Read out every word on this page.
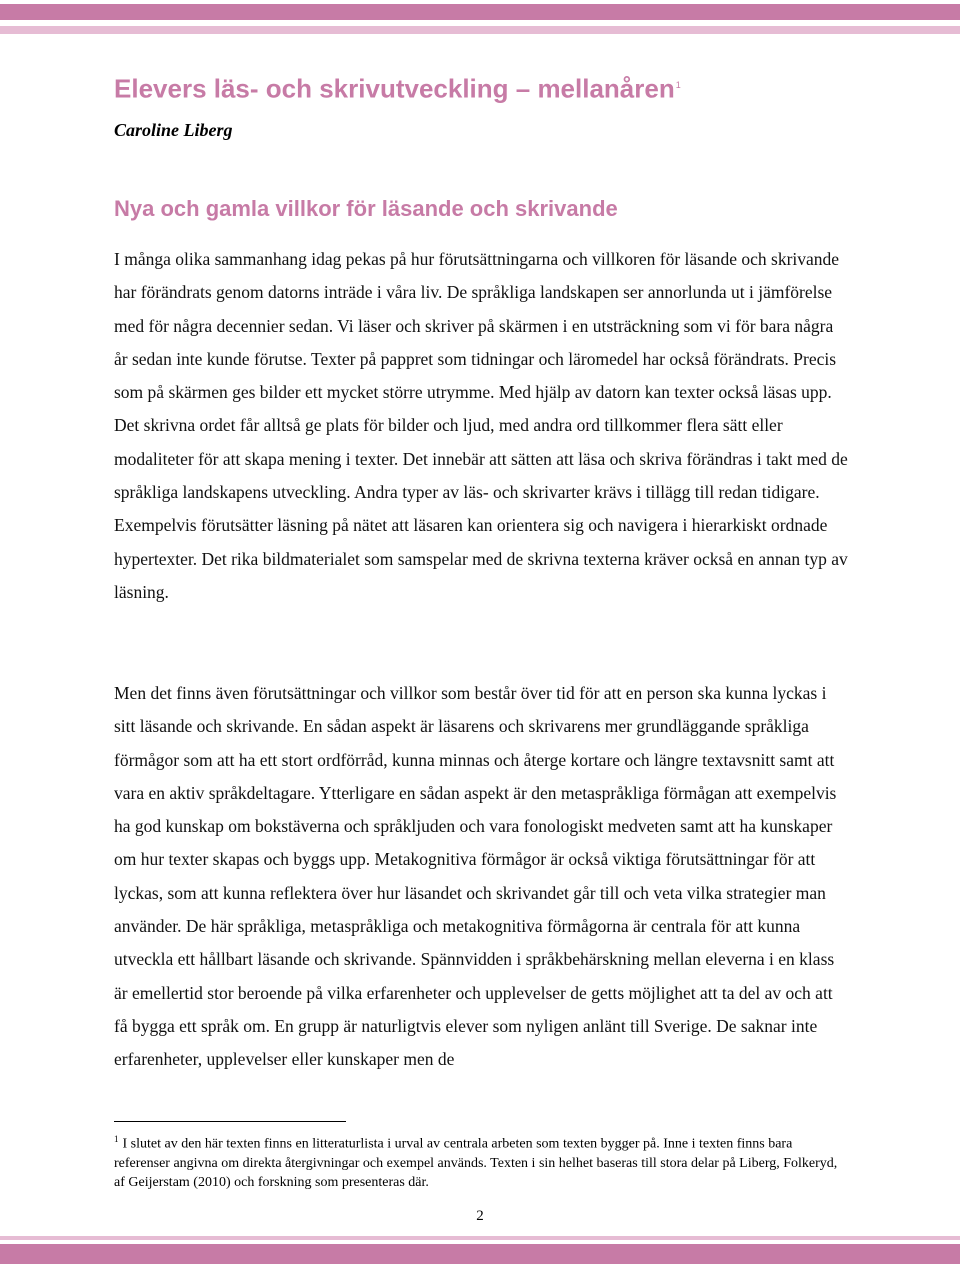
Elevers läs- och skrivutveckling – mellanåren$^1$

Caroline Liberg

Nya och gamla villkor för läsande och skrivande

I många olika sammanhang idag pekas på hur förutsättningarna och villkoren för läsande och skrivande har förändrats genom datorns inträde i våra liv. De språkliga landskapen ser annorlunda ut i jämförelse med för några decennier sedan. Vi läser och skriver på skärmen i en utsträckning som vi för bara några år sedan inte kunde förutse. Texter på pappret som tidningar och läromedel har också förändrats. Precis som på skärmen ges bilder ett mycket större utrymme. Med hjälp av datorn kan texter också läsas upp. Det skrivna ordet får alltså ge plats för bilder och ljud, med andra ord tillkommer flera sätt eller modaliteter för att skapa mening i texter. Det innebär att sätten att läsa och skriva förändras i takt med de språkliga landskapens utveckling. Andra typer av läs- och skrivarter krävs i tillägg till redan tidigare. Exempelvis förutsätter läsning på nätet att läsaren kan orientera sig och navigera i hierarkiskt ordnade hypertexter. Det rika bildmaterialet som samspelar med de skrivna texterna kräver också en annan typ av läsning.

Men det finns även förutsättningar och villkor som består över tid för att en person ska kunna lyckas i sitt läsande och skrivande. En sådan aspekt är läsarens och skrivarens mer grundläggande språkliga förmågor som att ha ett stort ordförråd, kunna minnas och återge kortare och längre textavsnitt samt att vara en aktiv språkdeltagare. Ytterligare en sådan aspekt är den metaspråkliga förmågan att exempelvis ha god kunskap om bokstäverna och språkljuden och vara fonologiskt medveten samt att ha kunskaper om hur texter skapas och byggs upp. Metakognitiva förmågor är också viktiga förutsättningar för att lyckas, som att kunna reflektera över hur läsandet och skrivandet går till och veta vilka strategier man använder. De här språkliga, metaspråkliga och metakognitiva förmågorna är centrala för att kunna utveckla ett hållbart läsande och skrivande. Spännvidden i språkbehärskning mellan eleverna i en klass är emellertid stor beroende på vilka erfarenheter och upplevelser de getts möjlighet att ta del av och att få bygga ett språk om. En grupp är naturligtvis elever som nyligen anlänt till Sverige. De saknar inte erfarenheter, upplevelser eller kunskaper men de

$^1$ I slutet av den här texten finns en litteraturlista i urval av centrala arbeten som texten bygger på. Inne i texten finns bara referenser angivna om direkta återgivningar och exempel används. Texten i sin helhet baseras till stora delar på Liberg, Folkeryd, af Geijerstam (2010) och forskning som presenteras där.

2
